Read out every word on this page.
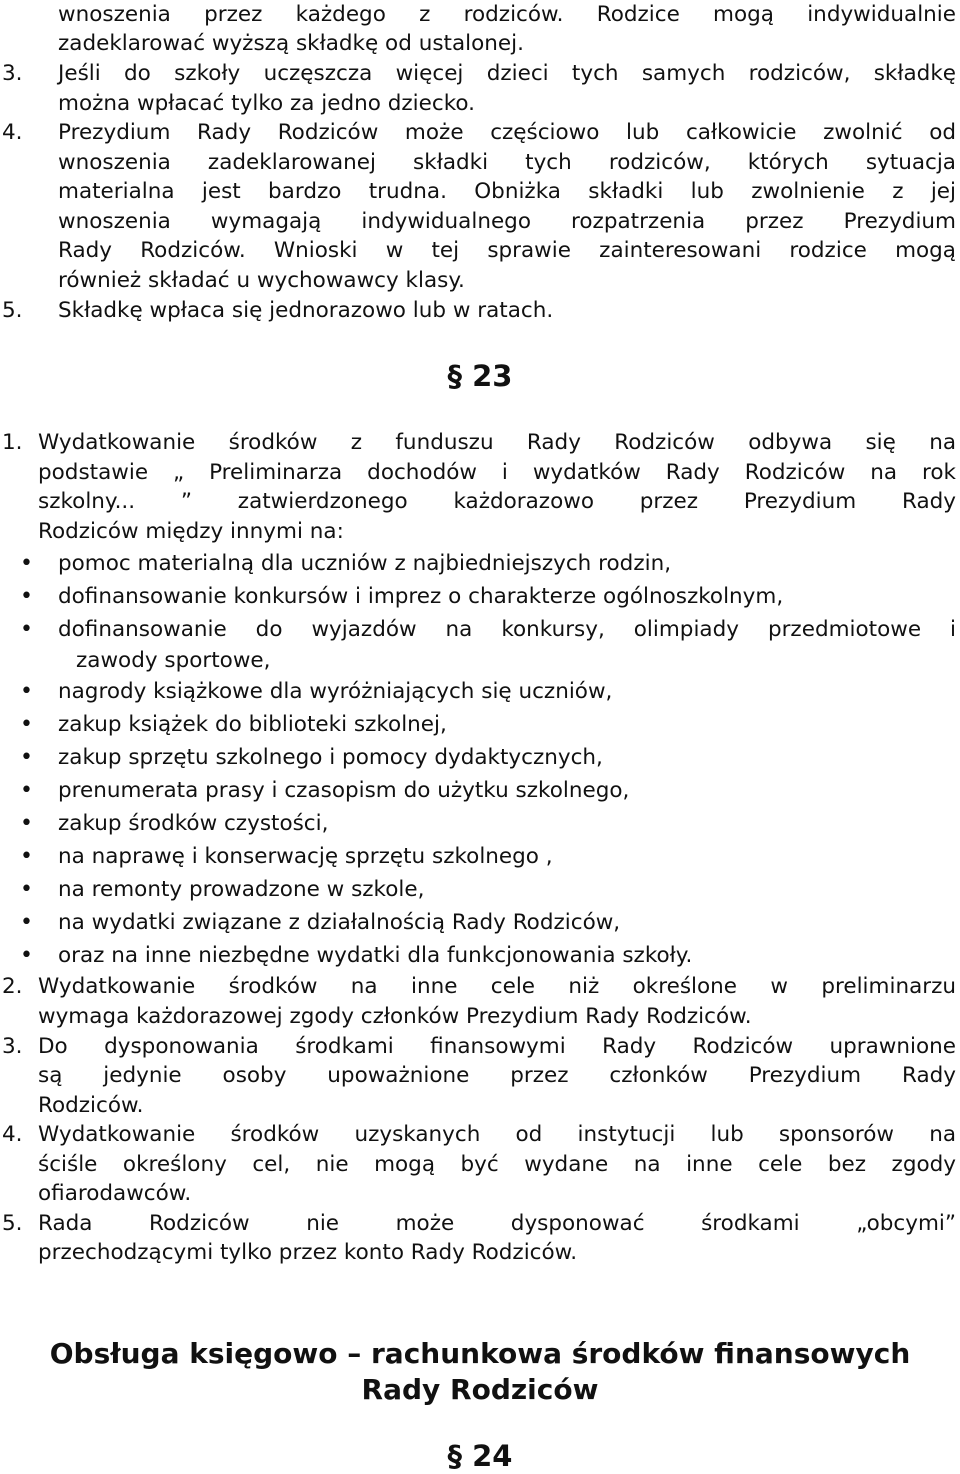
wnoszenia przez każdego z rodziców. Rodzice mogą indywidualnie
zadeklarować wyższą składkę od ustalonej.
3. Jeśli do szkoły uczęszcza więcej dzieci tych samych rodziców, składkę
można wpłacać tylko za jedno dziecko.
4. Prezydium Rady Rodziców może częściowo lub całkowicie zwolnić od
wnoszenia zadeklarowanej składki tych rodziców, których sytuacja
materialna jest bardzo trudna. Obniżka składki lub zwolnienie z jej
wnoszenia wymagają indywidualnego rozpatrzenia przez Prezydium
Rady Rodziców. Wnioski w tej sprawie zainteresowani rodzice mogą
również składać u wychowawcy klasy.
5. Składkę wpłaca się jednorazowo lub w ratach.
§ 23
1. Wydatkowanie środków z funduszu Rady Rodziców odbywa się na
podstawie „ Preliminarza dochodów i wydatków Rady Rodziców na rok
szkolny... ” zatwierdzonego każdorazowo przez Prezydium Rady
Rodziców między innymi na:
• pomoc materialną dla uczniów z najbiedniejszych rodzin,
• dofinansowanie konkursów i imprez o charakterze ogólnoszkolnym,
• dofinansowanie do wyjazdów na konkursy, olimpiady przedmiotowe i
zawody sportowe,
• nagrody książkowe dla wyróżniających się uczniów,
• zakup książek do biblioteki szkolnej,
• zakup sprzętu szkolnego i pomocy dydaktycznych,
• prenumerata prasy i czasopism do użytku szkolnego,
• zakup środków czystości,
• na naprawę i konserwację sprzętu szkolnego ,
• na remonty prowadzone w szkole,
• na wydatki związane z działalnością Rady Rodziców,
• oraz na inne niezbędne wydatki dla funkcjonowania szkoły.
2. Wydatkowanie środków na inne cele niż określone w preliminarzu
wymaga każdorazowej zgody członków Prezydium Rady Rodziców.
3. Do dysponowania środkami finansowymi Rady Rodziców uprawnione
są jedynie osoby upoważnione przez członków Prezydium Rady
Rodziców.
4. Wydatkowanie środków uzyskanych od instytucji lub sponsorów na
ściśle określony cel, nie mogą być wydane na inne cele bez zgody
ofiarodawców.
5. Rada Rodziców nie może dysponować środkami „obcymi”
przechodzącymi tylko przez konto Rady Rodziców.
Obsługa księgowo – rachunkowa środków finansowych
Rady Rodziców
§ 24
